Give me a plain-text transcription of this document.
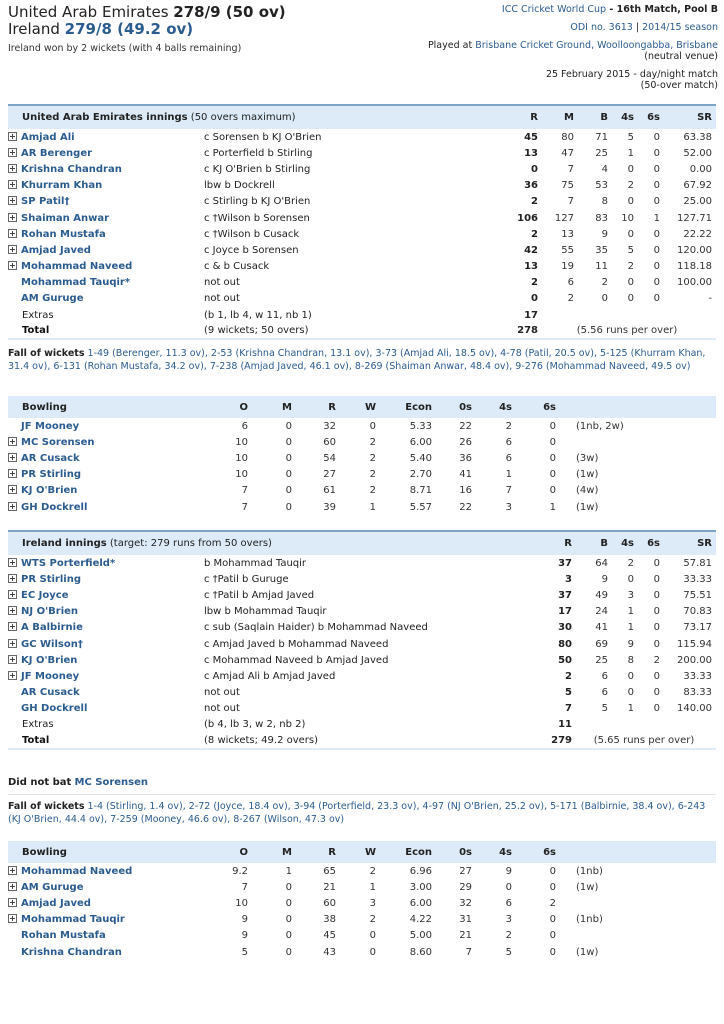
United Arab Emirates 278/9 (50 ov)
Ireland 279/8 (49.2 ov)
Ireland won by 2 wickets (with 4 balls remaining)

ICC Cricket World Cup - 16th Match, Pool B

ODI no. 3613 | 2014/15 season

Played at Brisbane Cricket Ground, Woolloongabba, Brisbane (neutral venue)

25 February 2015 - day/night match
(50-over match)

United Arab Emirates innings (50 overs maximum)		R	M	B	4s	6s	SR
Amjad Ali	c Sorensen b KJ O'Brien	45	80	71	5	0	63.38
AR Berenger	c Porterfield b Stirling	13	47	25	1	0	52.00
Krishna Chandran	c KJ O'Brien b Stirling	0	7	4	0	0	0.00
Khurram Khan	lbw b Dockrell	36	75	53	2	0	67.92
SP Patil†	c Stirling b KJ O'Brien	2	7	8	0	0	25.00
Shaiman Anwar	c †Wilson b Sorensen	106	127	83	10	1	127.71
Rohan Mustafa	c †Wilson b Cusack	2	13	9	0	0	22.22
Amjad Javed	c Joyce b Sorensen	42	55	35	5	0	120.00
Mohammad Naveed	c & b Cusack	13	19	11	2	0	118.18
Mohammad Tauqir*	not out	2	6	2	0	0	100.00
AM Guruge	not out	0	2	0	0	0	-
Extras	(b 1, lb 4, w 11, nb 1)	17					
Total	(9 wickets; 50 overs)	278	(5.56 runs per over)				
Fall of wickets 1-49 (Berenger, 11.3 ov), 2-53 (Krishna Chandran, 13.1 ov), 3-73 (Amjad Ali, 18.5 ov), 4-78 (Patil, 20.5 ov), 5-125 (Khurram Khan, 31.4 ov), 6-131 (Rohan Mustafa, 34.2 ov), 7-238 (Amjad Javed, 46.1 ov), 8-269 (Shaiman Anwar, 48.4 ov), 9-276 (Mohammad Naveed, 49.5 ov)
Bowling	O	M	R	W	Econ	0s	4s	6s	
JF Mooney	6	0	32	0	5.33	22	2	0	(1nb, 2w)
MC Sorensen	10	0	60	2	6.00	26	6	0	
AR Cusack	10	0	54	2	5.40	36	6	0	(3w)
PR Stirling	10	0	27	2	2.70	41	1	0	(1w)
KJ O'Brien	7	0	61	2	8.71	16	7	0	(4w)
GH Dockrell	7	0	39	1	5.57	22	3	1	(1w)
Ireland innings (target: 279 runs from 50 overs)		R	B	4s	6s	SR
WTS Porterfield*	b Mohammad Tauqir	37	64	2	0	57.81
PR Stirling	c †Patil b Guruge	3	9	0	0	33.33
EC Joyce	c †Patil b Amjad Javed	37	49	3	0	75.51
NJ O'Brien	lbw b Mohammad Tauqir	17	24	1	0	70.83
A Balbirnie	c sub (Saqlain Haider) b Mohammad Naveed	30	41	1	0	73.17
GC Wilson†	c Amjad Javed b Mohammad Naveed	80	69	9	0	115.94
KJ O'Brien	c Mohammad Naveed b Amjad Javed	50	25	8	2	200.00
JF Mooney	c Amjad Ali b Amjad Javed	2	6	0	0	33.33
AR Cusack	not out	5	6	0	0	83.33
GH Dockrell	not out	7	5	1	0	140.00
Extras	(b 4, lb 3, w 2, nb 2)	11				
Total	(8 wickets; 49.2 overs)	279	(5.65 runs per over)			
Did not bat MC Sorensen
Fall of wickets 1-4 (Stirling, 1.4 ov), 2-72 (Joyce, 18.4 ov), 3-94 (Porterfield, 23.3 ov), 4-97 (NJ O'Brien, 25.2 ov), 5-171 (Balbirnie, 38.4 ov), 6-243 (KJ O'Brien, 44.4 ov), 7-259 (Mooney, 46.6 ov), 8-267 (Wilson, 47.3 ov)
Bowling	O	M	R	W	Econ	0s	4s	6s	
Mohammad Naveed	9.2	1	65	2	6.96	27	9	0	(1nb)
AM Guruge	7	0	21	1	3.00	29	0	0	(1w)
Amjad Javed	10	0	60	3	6.00	32	6	2	
Mohammad Tauqir	9	0	38	2	4.22	31	3	0	(1nb)
Rohan Mustafa	9	0	45	0	5.00	21	2	0	
Krishna Chandran	5	0	43	0	8.60	7	5	0	(1w)
